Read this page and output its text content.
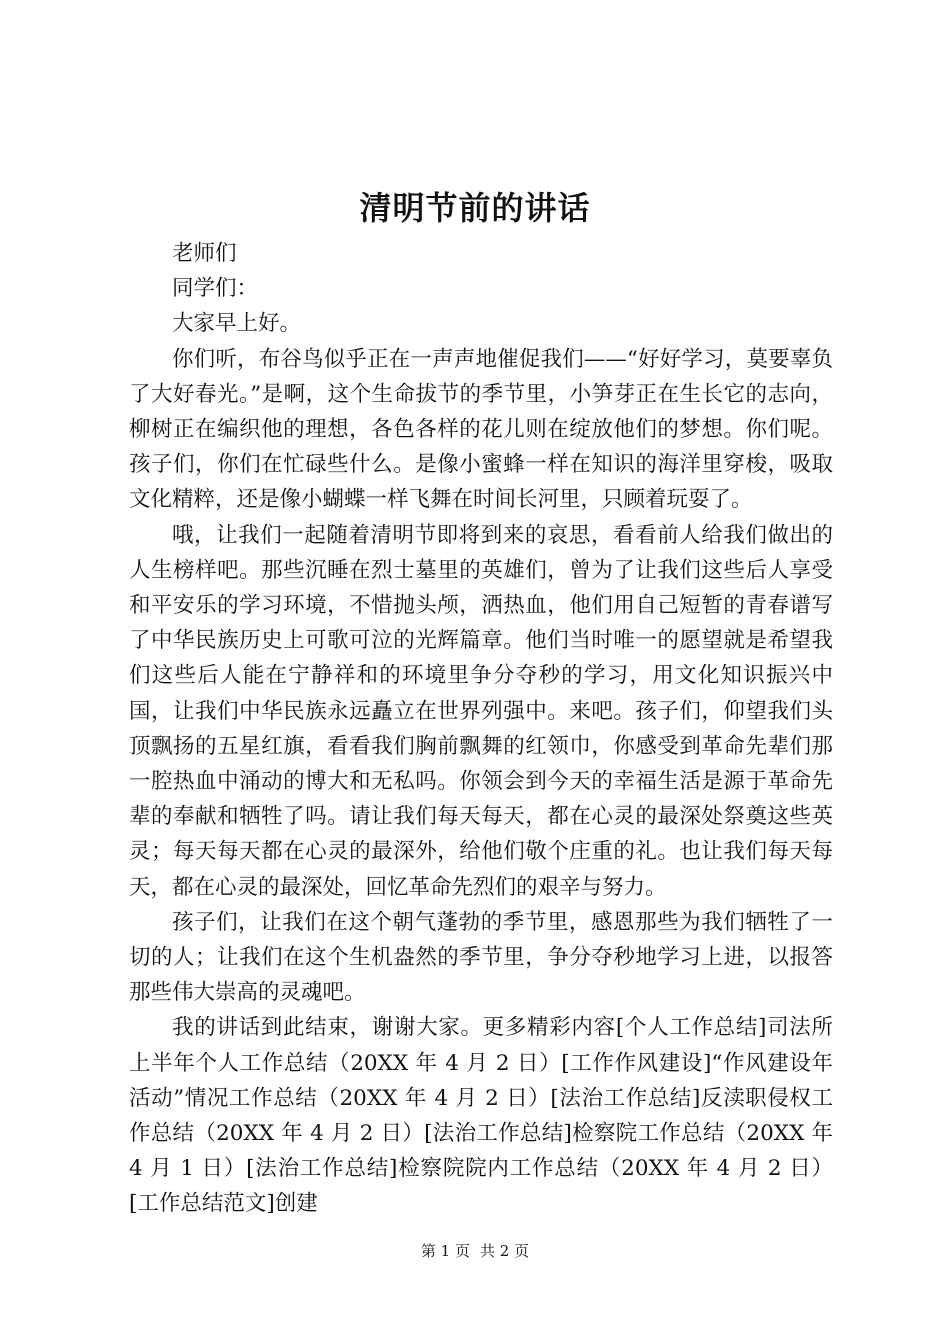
清明节前的讲话

老师们

同学们：

大家早上好。

你们听，布谷鸟似乎正在一声声地催促我们——“好好学习，莫要辜负了大好春光。”是啊，这个生命拔节的季节里，小笋芽正在生长它的志向，柳树正在编织他的理想，各色各样的花儿则在绽放他们的梦想。你们呢。孩子们，你们在忙碌些什么。是像小蜜蜂一样在知识的海洋里穿梭，吸取文化精粹，还是像小蝴蝶一样飞舞在时间长河里，只顾着玩耍了。

哦，让我们一起随着清明节即将到来的哀思，看看前人给我们做出的人生榜样吧。那些沉睡在烈士墓里的英雄们，曾为了让我们这些后人享受和平安乐的学习环境，不惜抛头颅，洒热血，他们用自己短暂的青春谱写了中华民族历史上可歌可泣的光辉篇章。他们当时唯一的愿望就是希望我们这些后人能在宁静祥和的环境里争分夺秒的学习，用文化知识振兴中国，让我们中华民族永远矗立在世界列强中。来吧。孩子们，仰望我们头顶飘扬的五星红旗，看看我们胸前飘舞的红领巾，你感受到革命先辈们那一腔热血中涌动的博大和无私吗。你领会到今天的幸福生活是源于革命先辈的奉献和牺牲了吗。请让我们每天每天，都在心灵的最深处祭奠这些英灵；每天每天都在心灵的最深外，给他们敬个庄重的礼。也让我们每天每天，都在心灵的最深处，回忆革命先烈们的艰辛与努力。

孩子们，让我们在这个朝气蓬勃的季节里，感恩那些为我们牺牲了一切的人；让我们在这个生机盎然的季节里，争分夺秒地学习上进，以报答那些伟大崇高的灵魂吧。

我的讲话到此结束，谢谢大家。更多精彩内容[个人工作总结]司法所上半年个人工作总结（20XX 年 4 月 2 日）[工作作风建设]“作风建设年活动”情况工作总结（20XX 年 4 月 2 日）[法治工作总结]反渎职侵权工作总结（20XX 年 4 月 2 日）[法治工作总结]检察院工作总结（20XX 年 4 月 1 日）[法治工作总结]检察院院内工作总结（20XX 年 4 月 2 日）[工作总结范文]创建

第 1 页 共 2 页
